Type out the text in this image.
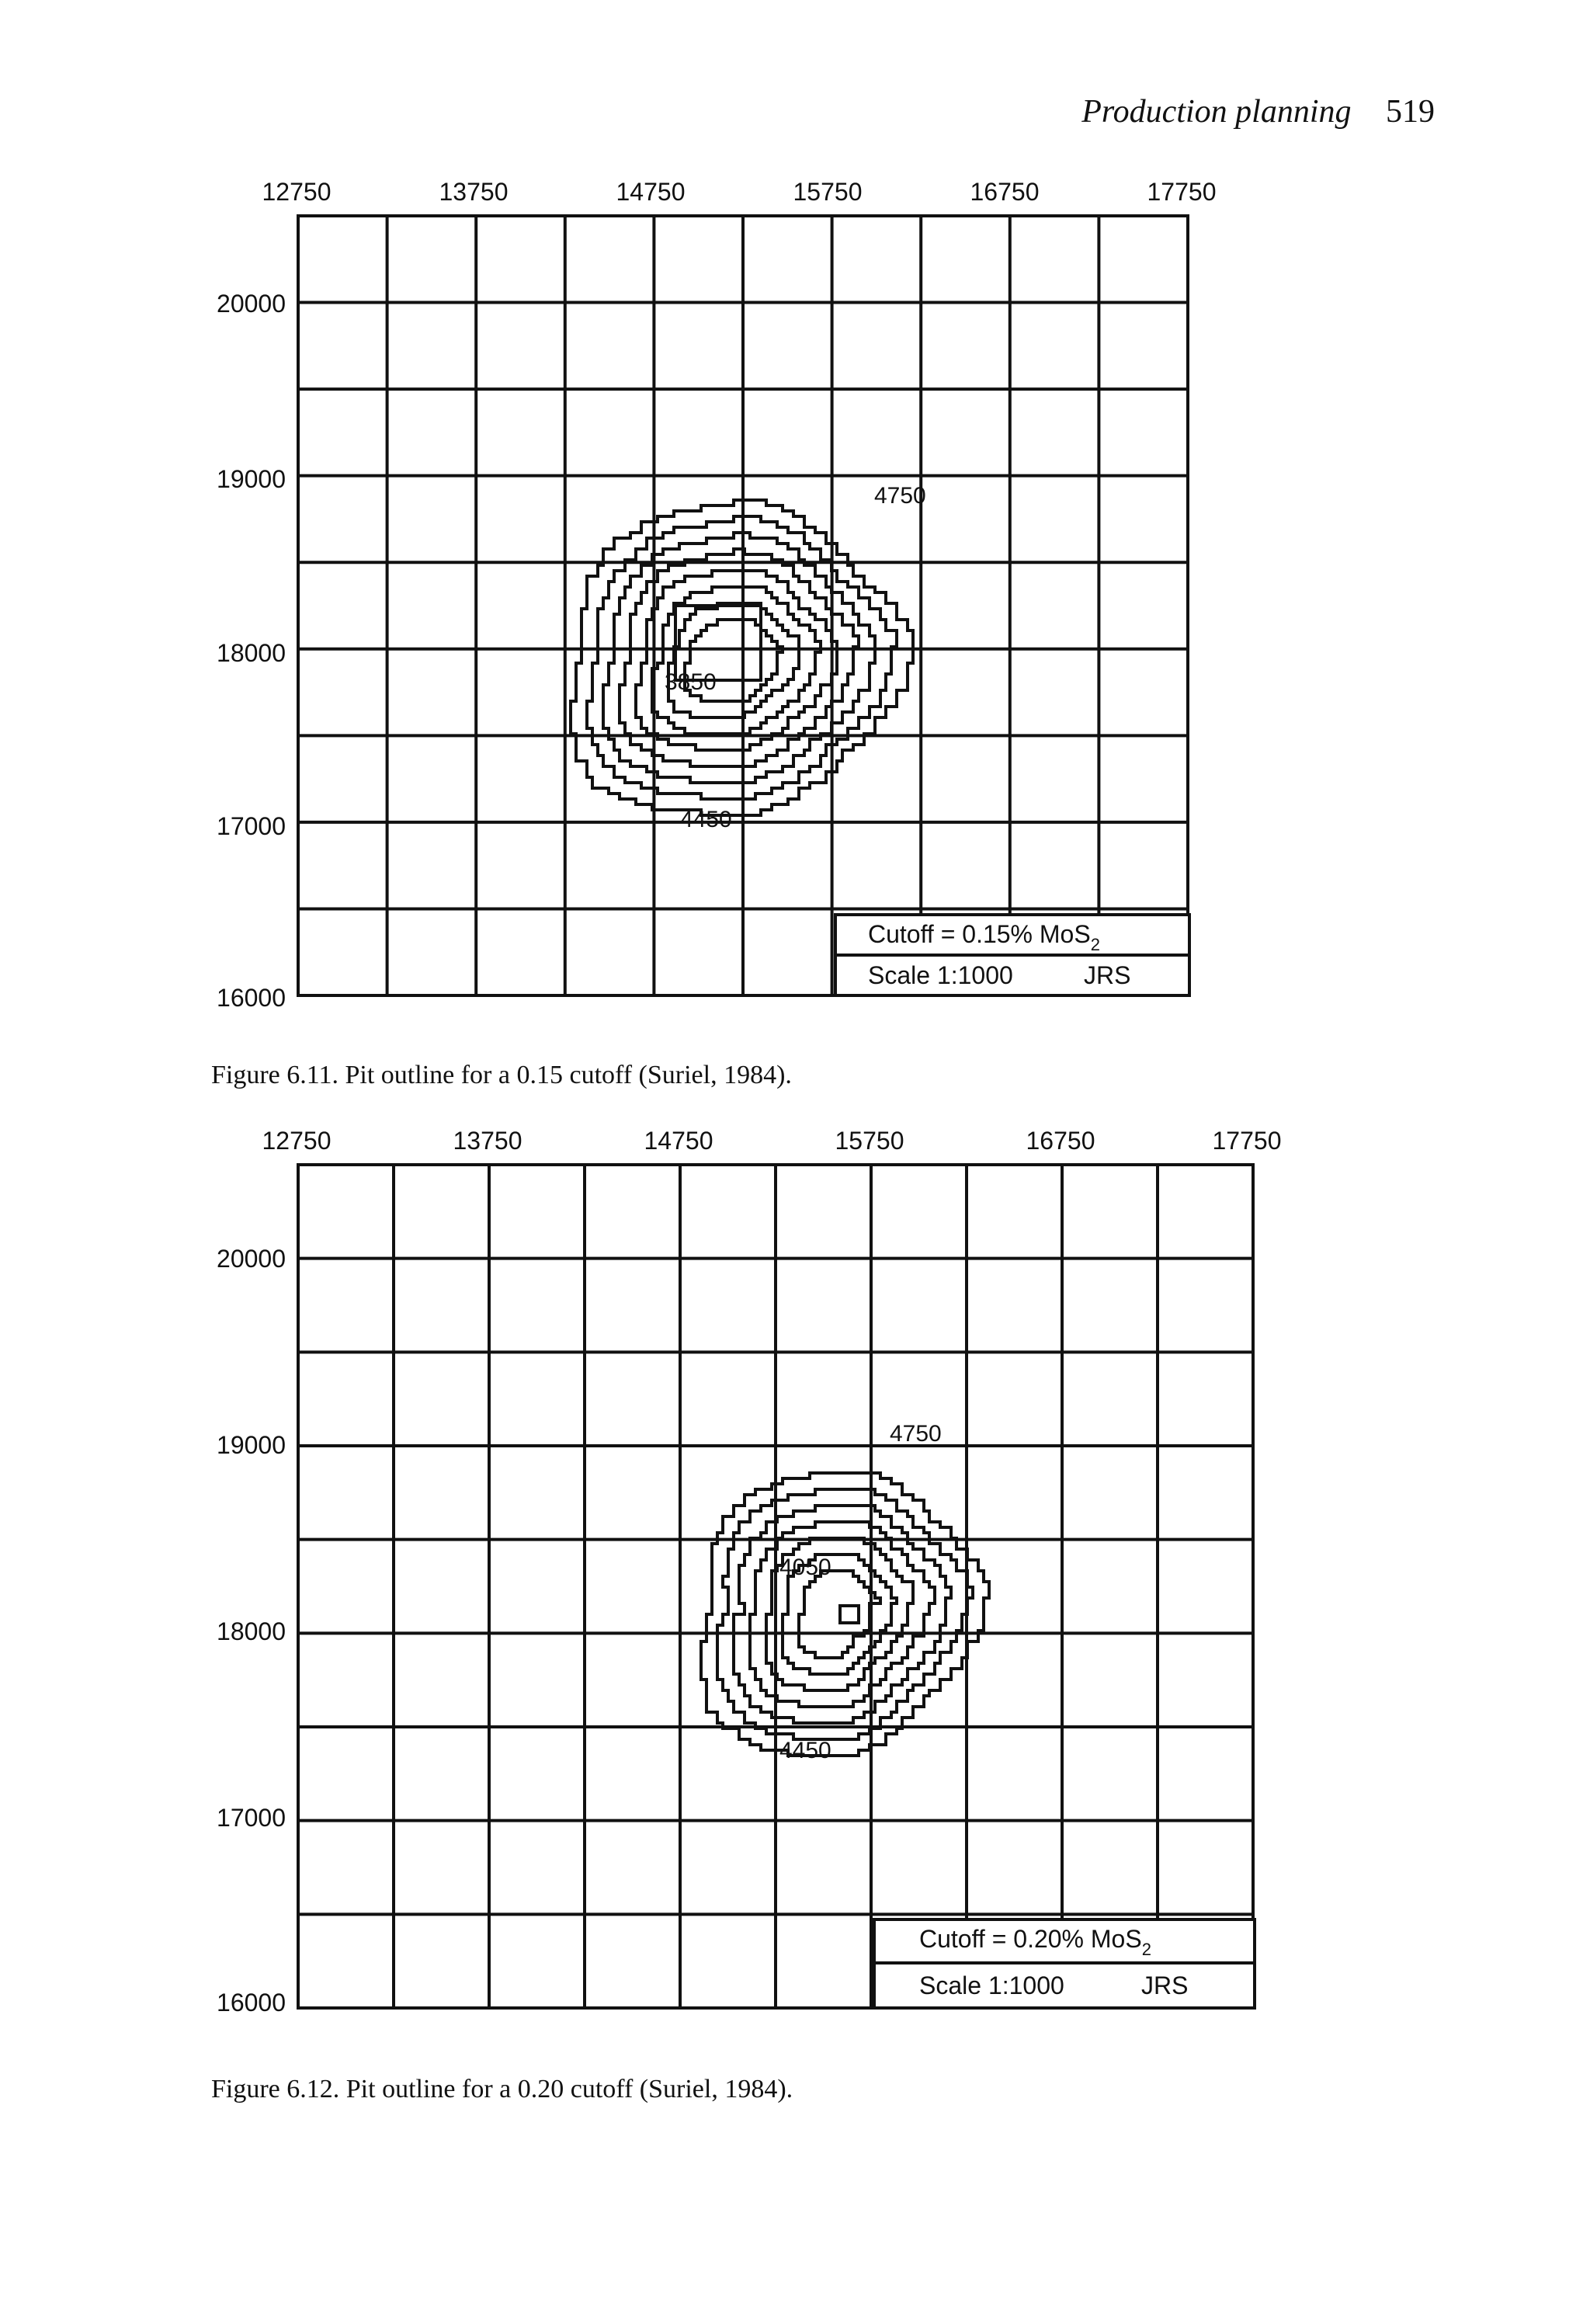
Production planning 519
12750	13750	14750	15750	16750	17750
20000
19000
18000
17000
16000
4750
3850
4450
Cutoff = 0.15% MoS$_2$
Scale 1:1000	JRS
Figure 6.11. Pit outline for a 0.15 cutoff (Suriel, 1984).
12750	13750	14750	15750	16750	17750
20000
19000
18000
17000
16000
4750
4050
4450
Cutoff = 0.20% MoS$_2$
Scale 1:1000	JRS
Figure 6.12. Pit outline for a 0.20 cutoff (Suriel, 1984).
